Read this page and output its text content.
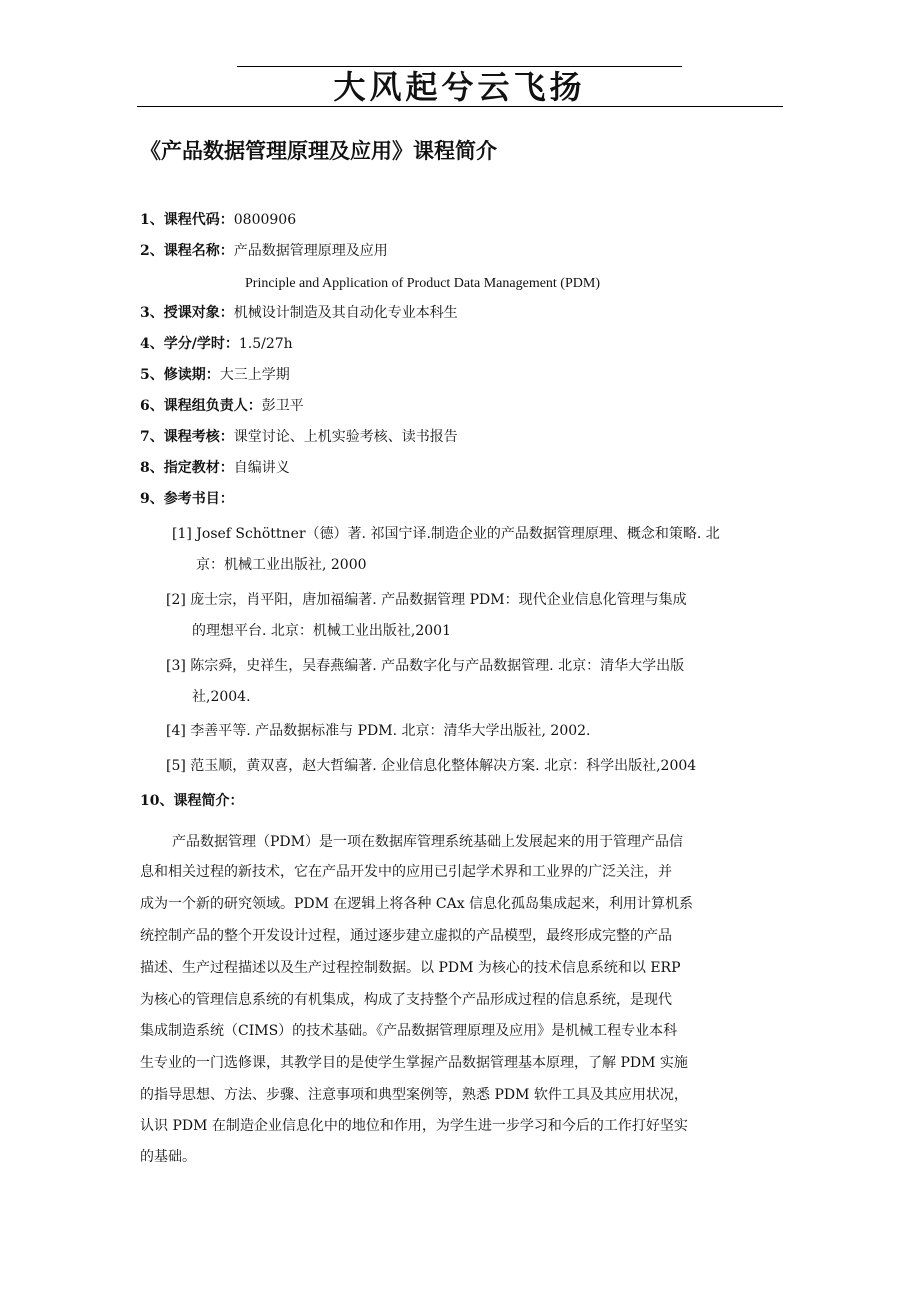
大风起兮云飞扬
《产品数据管理原理及应用》课程简介
1、课程代码：0800906
2、课程名称：产品数据管理原理及应用
Principle and Application of Product Data Management (PDM)
3、授课对象：机械设计制造及其自动化专业本科生
4、学分/学时：1.5/27h
5、修读期：大三上学期
6、课程组负责人：彭卫平
7、课程考核：课堂讨论、上机实验考核、读书报告
8、指定教材：自编讲义
9、参考书目：
[1] Josef Schöttner（德）著. 祁国宁译.制造企业的产品数据管理原理、概念和策略. 北
京：机械工业出版社, 2000
[2] 庞士宗，肖平阳，唐加福编著. 产品数据管理 PDM：现代企业信息化管理与集成
的理想平台. 北京：机械工业出版社,2001
[3] 陈宗舜，史祥生，吴春燕编著. 产品数字化与产品数据管理. 北京：清华大学出版
社,2004.
[4] 李善平等. 产品数据标准与 PDM. 北京：清华大学出版社, 2002.
[5] 范玉顺，黄双喜，赵大哲编著. 企业信息化整体解决方案. 北京：科学出版社,2004
10、课程简介：
产品数据管理（PDM）是一项在数据库管理系统基础上发展起来的用于管理产品信
息和相关过程的新技术，它在产品开发中的应用已引起学术界和工业界的广泛关注，并
成为一个新的研究领域。PDM 在逻辑上将各种 CAx 信息化孤岛集成起来，利用计算机系
统控制产品的整个开发设计过程，通过逐步建立虚拟的产品模型，最终形成完整的产品
描述、生产过程描述以及生产过程控制数据。以 PDM 为核心的技术信息系统和以 ERP
为核心的管理信息系统的有机集成，构成了支持整个产品形成过程的信息系统，是现代
集成制造系统（CIMS）的技术基础。《产品数据管理原理及应用》是机械工程专业本科
生专业的一门选修课，其教学目的是使学生掌握产品数据管理基本原理，了解 PDM 实施
的指导思想、方法、步骤、注意事项和典型案例等，熟悉 PDM 软件工具及其应用状况，
认识 PDM 在制造企业信息化中的地位和作用，为学生进一步学习和今后的工作打好坚实
的基础。
